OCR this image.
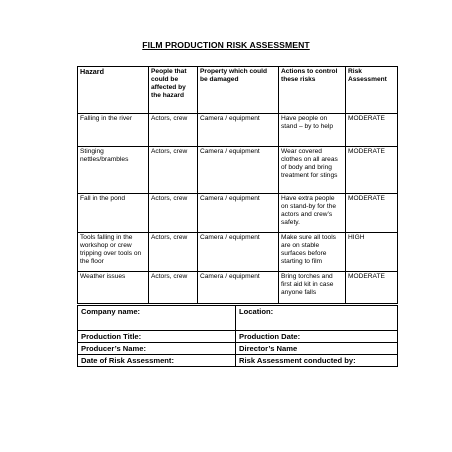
FILM PRODUCTION RISK ASSESSMENT
Hazard	People that could be affected by the hazard	Property which could be damaged	Actions to control these risks	Risk Assessment
Falling in the river	Actors, crew	Camera / equipment	Have people on stand – by to help	MODERATE
Stinging nettles/brambles	Actors, crew	Camera / equipment	Wear covered clothes on all areas of body and bring treatment for stings	MODERATE
Fall in the pond	Actors, crew	Camera / equipment	Have extra people on stand-by for the actors and crew’s safety.	MODERATE
Tools falling in the workshop or crew tripping over tools on the floor	Actors, crew	Camera / equipment	Make sure all tools are on stable surfaces before starting to film	HIGH
Weather issues	Actors, crew	Camera / equipment	Bring torches and first aid kit in case anyone falls	MODERATE
Company name:	Location:
Production Title:	Production Date:
Producer’s Name:	Director’s Name
Date of Risk Assessment:	Risk Assessment conducted by:
